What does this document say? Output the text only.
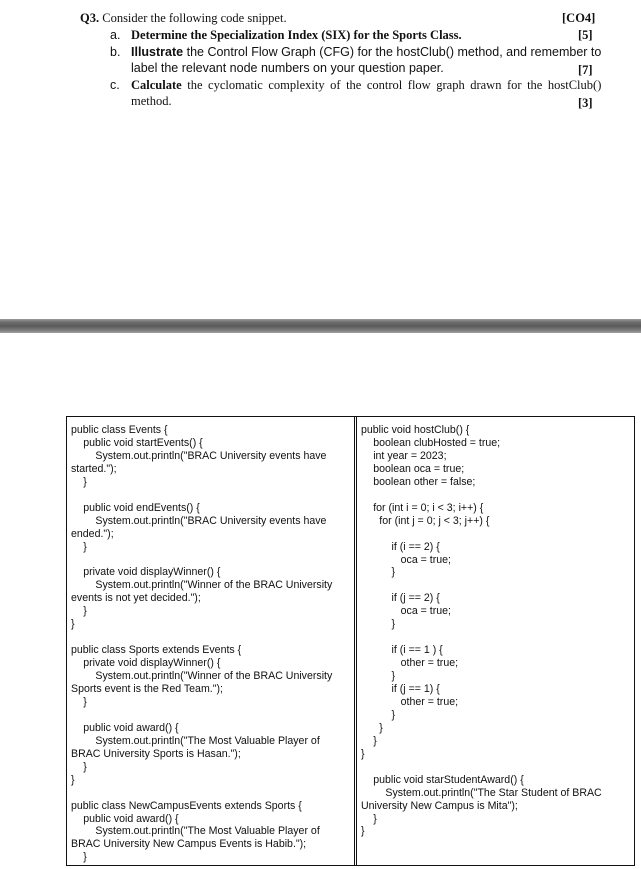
Q3. Consider the following code snippet.	[CO4]
a. Determine the Specialization Index (SIX) for the Sports Class.	[5]
b. Illustrate the Control Flow Graph (CFG) for the hostClub() method, and remember to
label the relevant node numbers on your question paper.	[7]
c. Calculate the cyclomatic complexity of the control flow graph drawn for the hostClub()
method.	[3]
public class Events {
public void startEvents() {
System.out.println("BRAC University events have
started.");
}
public void endEvents() {
System.out.println("BRAC University events have
ended.");
}
private void displayWinner() {
System.out.println("Winner of the BRAC University
events is not yet decided.");
}
}
public class Sports extends Events {
private void displayWinner() {
System.out.println("Winner of the BRAC University
Sports event is the Red Team.");
}
public void award() {
System.out.println("The Most Valuable Player of
BRAC University Sports is Hasan.");
}
}
public class NewCampusEvents extends Sports {
public void award() {
System.out.println("The Most Valuable Player of
BRAC University New Campus Events is Habib.");
}
public void hostClub() {
boolean clubHosted = true;
int year = 2023;
boolean oca = true;
boolean other = false;
for (int i = 0; i < 3; i++) {
for (int j = 0; j < 3; j++) {
if (i == 2) {
oca = true;
}
if (j == 2) {
oca = true;
}
if (i == 1 ) {
other = true;
}
if (j == 1) {
other = true;
}
}
}
}
public void starStudentAward() {
System.out.println("The Star Student of BRAC
University New Campus is Mita");
}
}
